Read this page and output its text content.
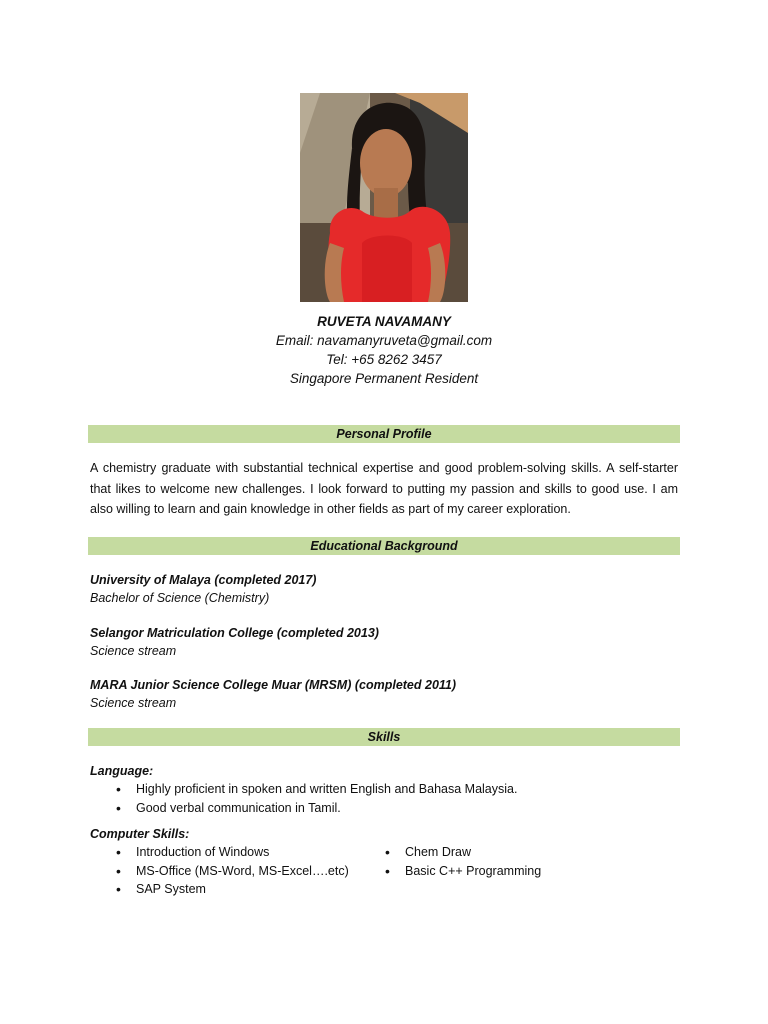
RUVETA NAVAMANY
Email: navamanyruveta@gmail.com
Tel: +65 8262 3457
Singapore Permanent Resident
Personal Profile
A chemistry graduate with substantial technical expertise and good problem-solving skills. A self-starter that likes to welcome new challenges. I look forward to putting my passion and skills to good use. I am also willing to learn and gain knowledge in other fields as part of my career exploration.
Educational Background
University of Malaya (completed 2017)
Bachelor of Science (Chemistry)
Selangor Matriculation College (completed 2013)
Science stream
MARA Junior Science College Muar (MRSM) (completed 2011)
Science stream
Skills
Language:
• Highly proficient in spoken and written English and Bahasa Malaysia.
• Good verbal communication in Tamil.
Computer Skills:
• Introduction of Windows
• MS-Office (MS-Word, MS-Excel….etc)
• SAP System
• Chem Draw
• Basic C++ Programming
